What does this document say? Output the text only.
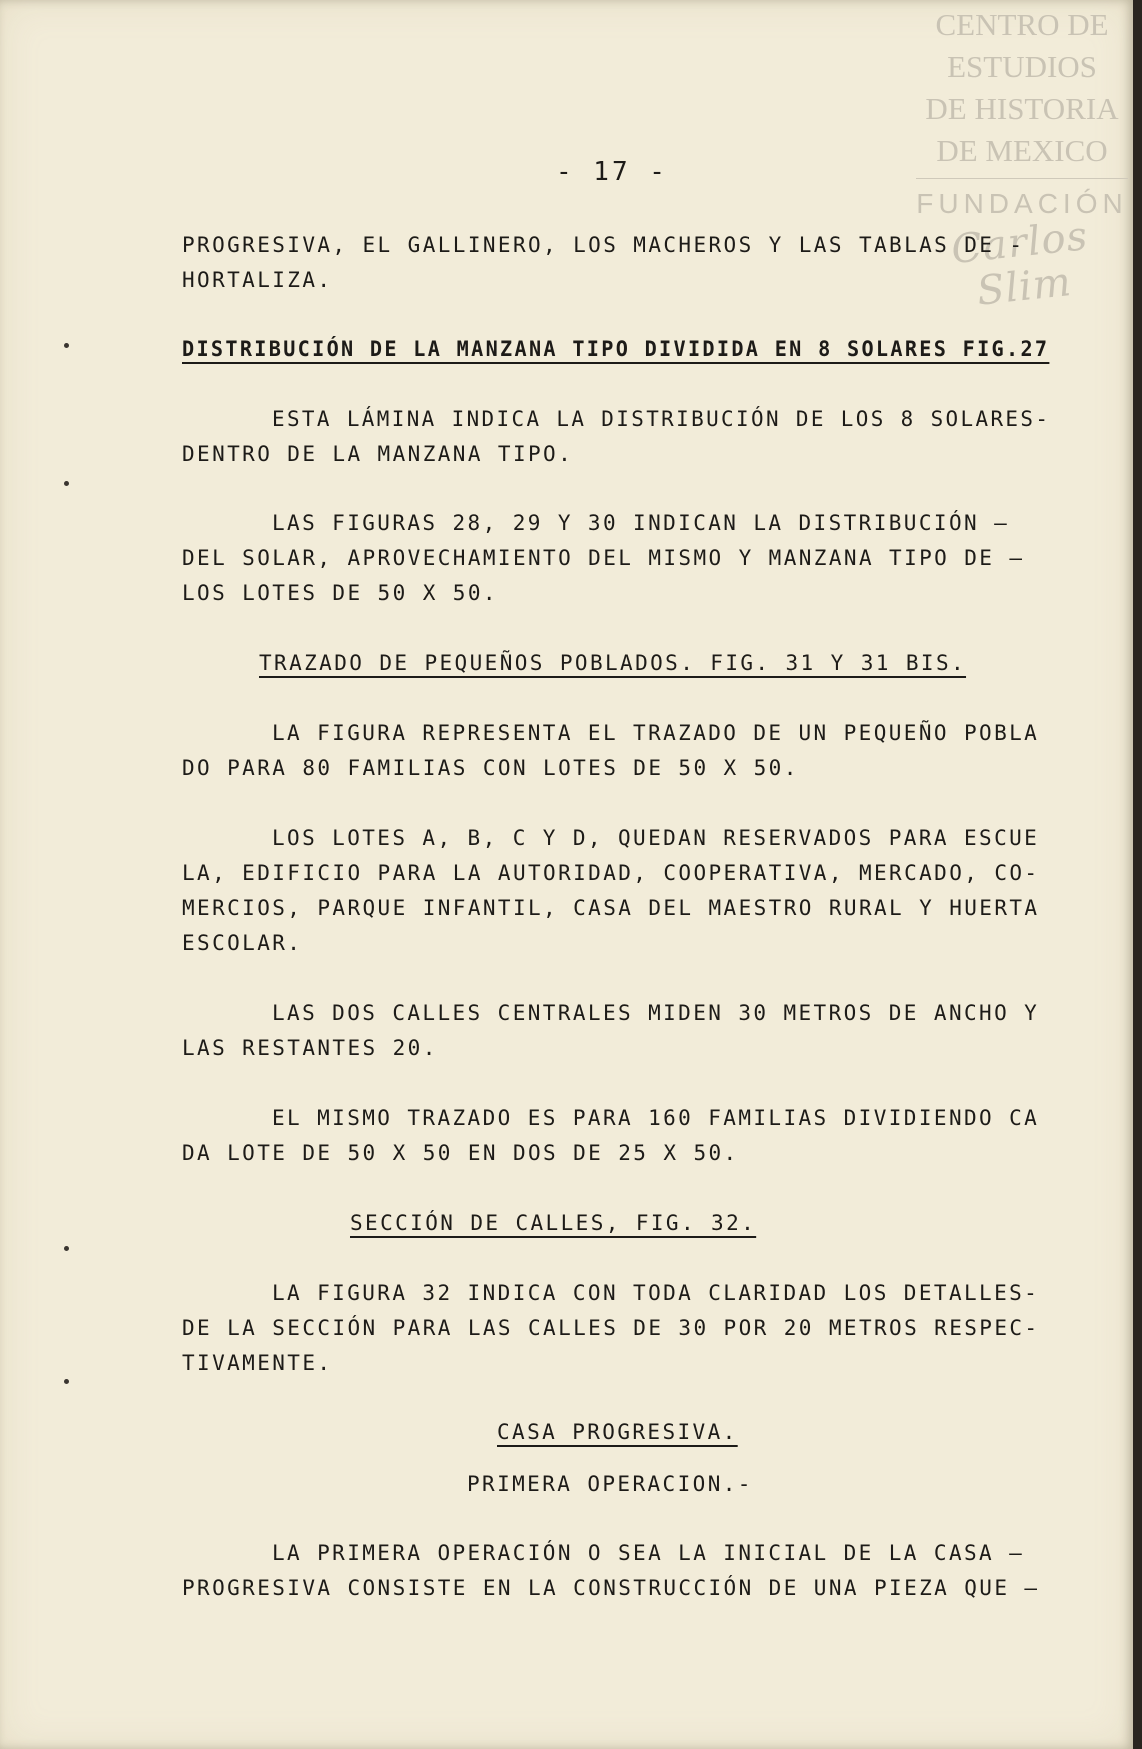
CENTRO DE
ESTUDIOS
DE HISTORIA
DE MEXICO
FUNDACIÓN
Carlos Slim

- 17 -

PROGRESIVA, EL GALLINERO, LOS MACHEROS Y LAS TABLAS DE -

HORTALIZA.

DISTRIBUCIÓN DE LA MANZANA TIPO DIVIDIDA EN 8 SOLARES FIG.27

ESTA LÁMINA INDICA LA DISTRIBUCIÓN DE LOS 8 SOLARES-

DENTRO DE LA MANZANA TIPO.

LAS FIGURAS 28, 29 Y 30 INDICAN LA DISTRIBUCIÓN —

DEL SOLAR, APROVECHAMIENTO DEL MISMO Y MANZANA TIPO DE —

LOS LOTES DE 50 X 50.

TRAZADO DE PEQUEÑOS POBLADOS. FIG. 31 Y 31 BIS.

LA FIGURA REPRESENTA EL TRAZADO DE UN PEQUEÑO POBLA

DO PARA 80 FAMILIAS CON LOTES DE 50 X 50.

LOS LOTES A, B, C Y D, QUEDAN RESERVADOS PARA ESCUE

LA, EDIFICIO PARA LA AUTORIDAD, COOPERATIVA, MERCADO, CO-

MERCIOS, PARQUE INFANTIL, CASA DEL MAESTRO RURAL Y HUERTA

ESCOLAR.

LAS DOS CALLES CENTRALES MIDEN 30 METROS DE ANCHO Y

LAS RESTANTES 20.

EL MISMO TRAZADO ES PARA 160 FAMILIAS DIVIDIENDO CA

DA LOTE DE 50 X 50 EN DOS DE 25 X 50.

SECCIÓN DE CALLES, FIG. 32.

LA FIGURA 32 INDICA CON TODA CLARIDAD LOS DETALLES-

DE LA SECCIÓN PARA LAS CALLES DE 30 POR 20 METROS RESPEC-

TIVAMENTE.

CASA PROGRESIVA.

PRIMERA OPERACION.-

LA PRIMERA OPERACIÓN O SEA LA INICIAL DE LA CASA —

PROGRESIVA CONSISTE EN LA CONSTRUCCIÓN DE UNA PIEZA QUE —
